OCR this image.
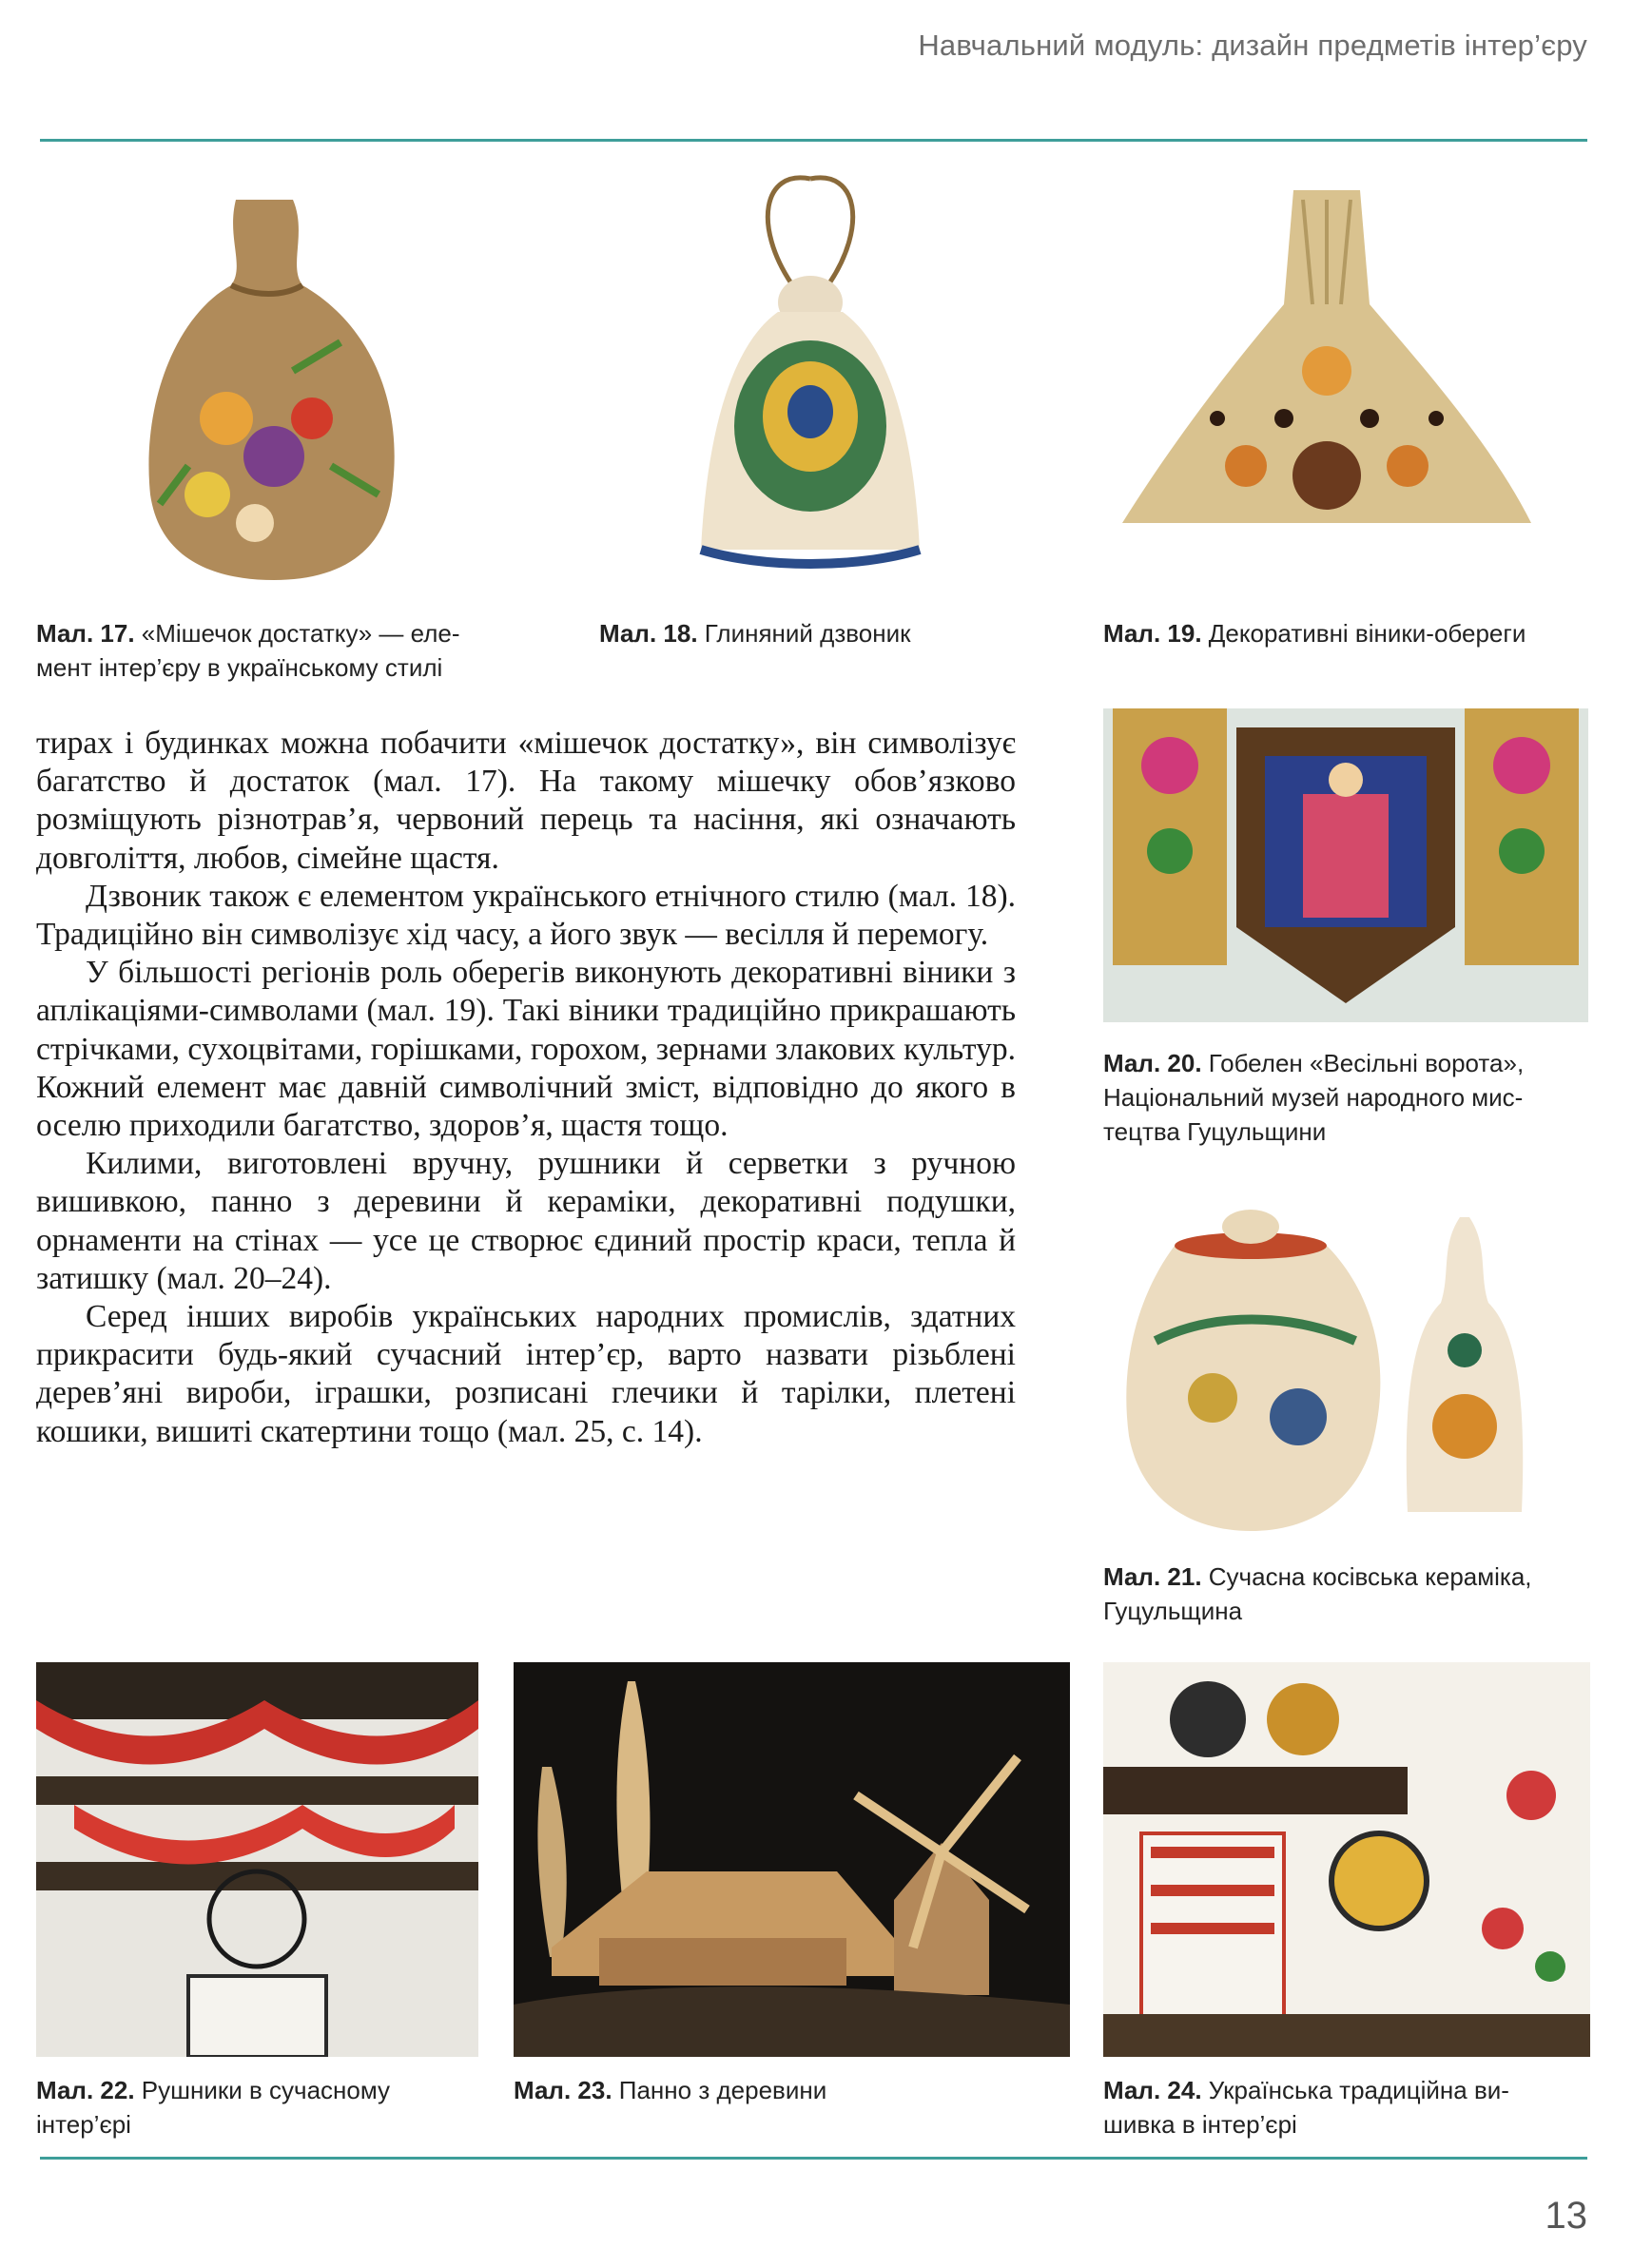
Навчальний модуль: дизайн предметів інтер’єру
Мал. 17. «Мішечок достатку» — еле-
мент інтер’єру в українському стилі
Мал. 18. Глиняний дзвоник	Мал. 19. Декоративні віники-обереги
Мал. 20. Гобелен «Весільні ворота»,
Національний музей народного мис-
тецтва Гуцульщини
Мал. 21. Сучасна косівська кераміка,
Гуцульщина

тирах і будинках можна побачити «мішечок достатку», він символізує багатство й достаток (мал. 17). На такому мішечку обов’язково розміщують різнотрав’я, червоний перець та насіння, які означають довголіття, любов, сімейне щастя.

Дзвоник також є елементом українського етнічного стилю (мал. 18). Традиційно він символізує хід часу, а його звук — весілля й перемогу.

У більшості регіонів роль оберегів виконують декоративні віники з аплікаціями-символами (мал. 19). Такі віники традиційно прикрашають стрічками, сухоцвітами, горішками, горохом, зернами злакових культур. Кожний елемент має давній символічний зміст, відповідно до якого в оселю приходили багатство, здоров’я, щастя тощо.

Килими, виготовлені вручну, рушники й серветки з ручною вишивкою, панно з деревини й кераміки, декоративні подушки, орнаменти на стінах — усе це створює єдиний простір краси, тепла й затишку (мал. 20–24).

Серед інших виробів українських народних промислів, здатних прикрасити будь-який сучасний інтер’єр, варто назвати різьблені дерев’яні вироби, іграшки, розписані глечики й тарілки, плетені кошики, вишиті скатертини тощо (мал. 25, с. 14).

Мал. 22. Рушники в сучасному
інтер’єрі
Мал. 23. Панно з деревини	Мал. 24. Українська традиційна ви-
шивка в інтер’єрі
13
